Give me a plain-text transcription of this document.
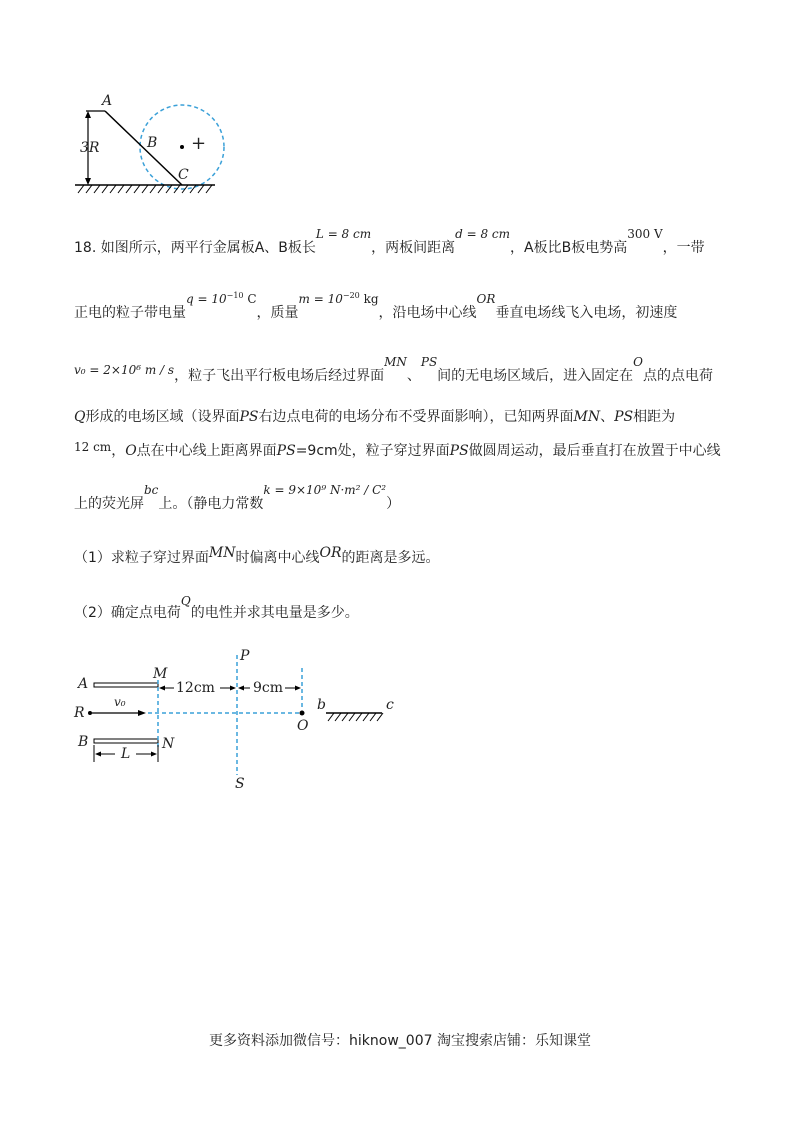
A
B
C
3R	+
18. 如图所示，两平行金属板A、B板长L = 8 cm，两板间距离d = 8 cm，A板比B板电势高300 V，一带
正电的粒子带电量$q = 10^{-10}$ C，质量$m = 10^{-20}$ kg，沿电场中心线OR垂直电场线飞入电场，初速度
v₀ = 2×10⁶ m / s，粒子飞出平行板电场后经过界面MN、PS间的无电场区域后，进入固定在O点的点电荷
Q形成的电场区域（设界面PS右边点电荷的电场分布不受界面影响），已知两界面MN、PS相距为
12 cm，O点在中心线上距离界面PS=9cm处，粒子穿过界面PS做圆周运动，最后垂直打在放置于中心线
上的荧光屏bc上。（静电力常数k = 9×10⁹ N·m² / C²）
（1）求粒子穿过界面MN时偏离中心线OR的距离是多远。
（2）确定点电荷Q的电性并求其电量是多少。
A
B
M
N
R
v₀
P
S
O
b	c
L
12cm	9cm
更多资料添加微信号：hiknow_007 淘宝搜索店铺：乐知课堂
